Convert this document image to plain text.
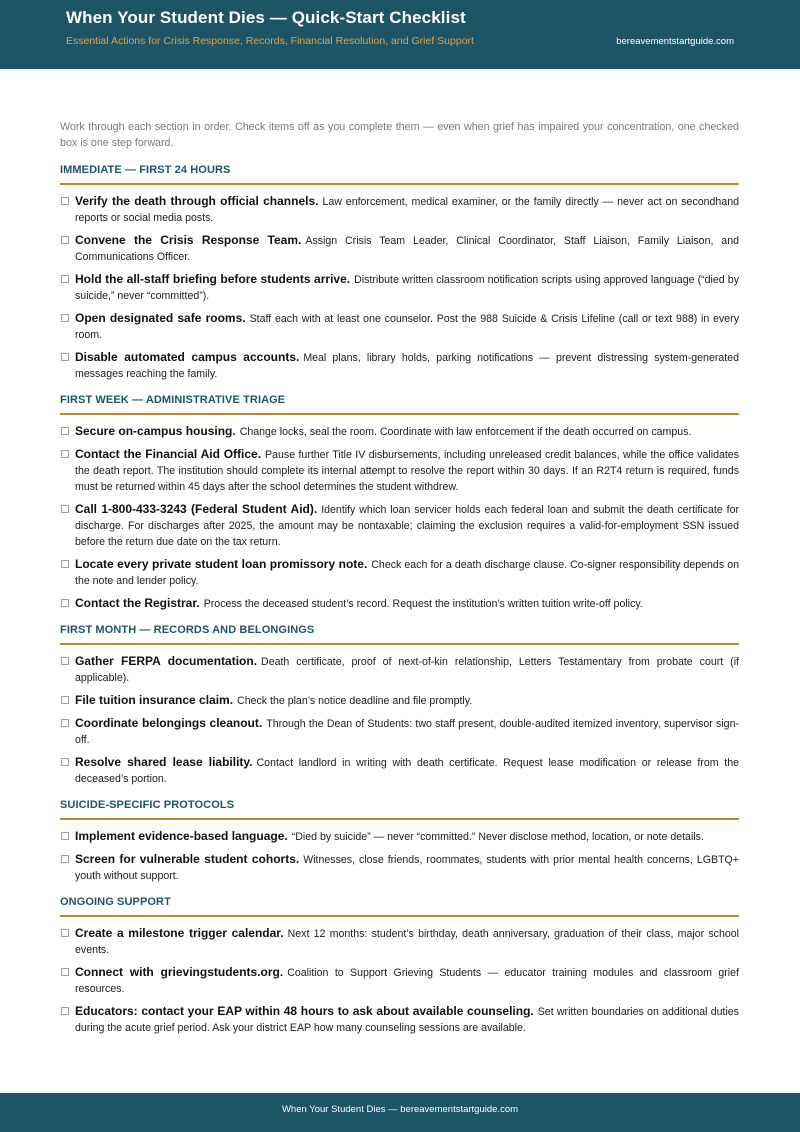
When Your Student Dies — Quick-Start Checklist
Essential Actions for Crisis Response, Records, Financial Resolution, and Grief Support	bereavementstartguide.com

Work through each section in order. Check items off as you complete them — even when grief has impaired your concentration, one checked box is one step forward.

IMMEDIATE — FIRST 24 HOURS
Verify the death through official channels. Law enforcement, medical examiner, or the family directly — never act on secondhand reports or social media posts.
Convene the Crisis Response Team. Assign Crisis Team Leader, Clinical Coordinator, Staff Liaison, Family Liaison, and Communications Officer.
Hold the all-staff briefing before students arrive. Distribute written classroom notification scripts using approved language (“died by suicide,” never “committed”).
Open designated safe rooms. Staff each with at least one counselor. Post the 988 Suicide & Crisis Lifeline (call or text 988) in every room.
Disable automated campus accounts. Meal plans, library holds, parking notifications — prevent distressing system-generated messages reaching the family.
FIRST WEEK — ADMINISTRATIVE TRIAGE
Secure on-campus housing. Change locks, seal the room. Coordinate with law enforcement if the death occurred on campus.
Contact the Financial Aid Office. Pause further Title IV disbursements, including unreleased credit balances, while the office validates the death report. The institution should complete its internal attempt to resolve the report within 30 days. If an R2T4 return is required, funds must be returned within 45 days after the school determines the student withdrew.
Call 1-800-433-3243 (Federal Student Aid). Identify which loan servicer holds each federal loan and submit the death certificate for discharge. For discharges after 2025, the amount may be nontaxable; claiming the exclusion requires a valid-for-employment SSN issued before the return due date on the tax return.
Locate every private student loan promissory note. Check each for a death discharge clause. Co-signer responsibility depends on the note and lender policy.
Contact the Registrar. Process the deceased student’s record. Request the institution’s written tuition write-off policy.
FIRST MONTH — RECORDS AND BELONGINGS
Gather FERPA documentation. Death certificate, proof of next-of-kin relationship, Letters Testamentary from probate court (if applicable).
File tuition insurance claim. Check the plan’s notice deadline and file promptly.
Coordinate belongings cleanout. Through the Dean of Students: two staff present, double-audited itemized inventory, supervisor sign-off.
Resolve shared lease liability. Contact landlord in writing with death certificate. Request lease modification or release from the deceased’s portion.
SUICIDE-SPECIFIC PROTOCOLS
Implement evidence-based language. “Died by suicide” — never “committed.” Never disclose method, location, or note details.
Screen for vulnerable student cohorts. Witnesses, close friends, roommates, students with prior mental health concerns, LGBTQ+ youth without support.
ONGOING SUPPORT
Create a milestone trigger calendar. Next 12 months: student’s birthday, death anniversary, graduation of their class, major school events.
Connect with grievingstudents.org. Coalition to Support Grieving Students — educator training modules and classroom grief resources.
Educators: contact your EAP within 48 hours to ask about available counseling. Set written boundaries on additional duties during the acute grief period. Ask your district EAP how many counseling sessions are available.
When Your Student Dies — bereavementstartguide.com
